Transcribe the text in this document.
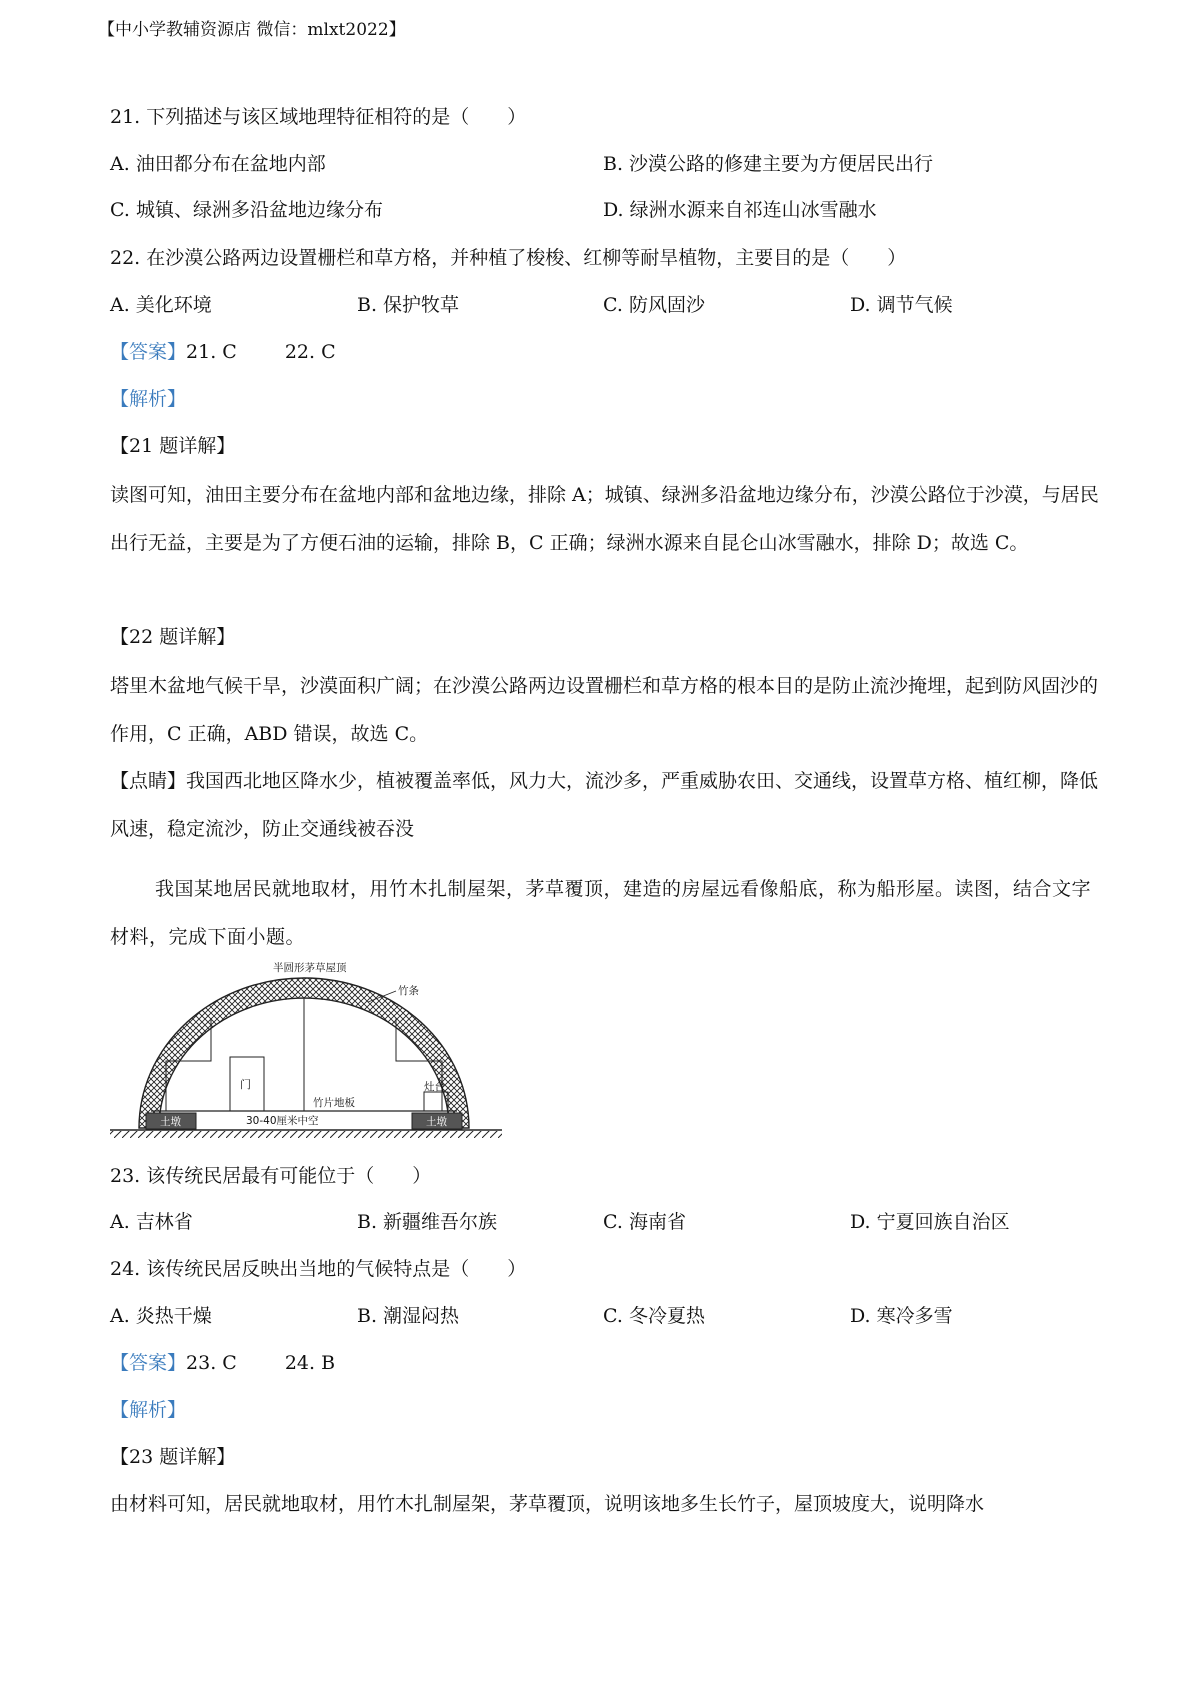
【中小学教辅资源店 微信：mlxt2022】
21. 下列描述与该区域地理特征相符的是（　　）
A. 油田都分布在盆地内部	B. 沙漠公路的修建主要为方便居民出行
C. 城镇、绿洲多沿盆地边缘分布	D. 绿洲水源来自祁连山冰雪融水
22. 在沙漠公路两边设置栅栏和草方格，并种植了梭梭、红柳等耐旱植物，主要目的是（　　）
A. 美化环境	B. 保护牧草	C. 防风固沙	D. 调节气候
【答案】21. C	22. C
【解析】
【21 题详解】
读图可知，油田主要分布在盆地内部和盆地边缘，排除 A；城镇、绿洲多沿盆地边缘分布，沙漠公路位于沙漠，与居民出行无益，主要是为了方便石油的运输，排除 B，C 正确；绿洲水源来自昆仑山冰雪融水，排除 D；故选 C。
【22 题详解】
塔里木盆地气候干旱，沙漠面积广阔；在沙漠公路两边设置栅栏和草方格的根本目的是防止流沙掩埋，起到防风固沙的作用，C 正确，ABD 错误，故选 C。
【点睛】我国西北地区降水少，植被覆盖率低，风力大，流沙多，严重威胁农田、交通线，设置草方格、植红柳，降低风速，稳定流沙，防止交通线被吞没
我国某地居民就地取材，用竹木扎制屋架，茅草覆顶，建造的房屋远看像船底，称为船形屋。读图，结合文字材料，完成下面小题。
半圆形茅草屋顶
竹条
门
竹片地板
灶台
30-40厘米中空
土墩	土墩
23. 该传统民居最有可能位于（　　）
A. 吉林省	B. 新疆维吾尔族	C. 海南省	D. 宁夏回族自治区
24. 该传统民居反映出当地的气候特点是（　　）
A. 炎热干燥	B. 潮湿闷热	C. 冬冷夏热	D. 寒冷多雪
【答案】23. C	24. B
【解析】
【23 题详解】
由材料可知，居民就地取材，用竹木扎制屋架，茅草覆顶，说明该地多生长竹子，屋顶坡度大，说明降水
